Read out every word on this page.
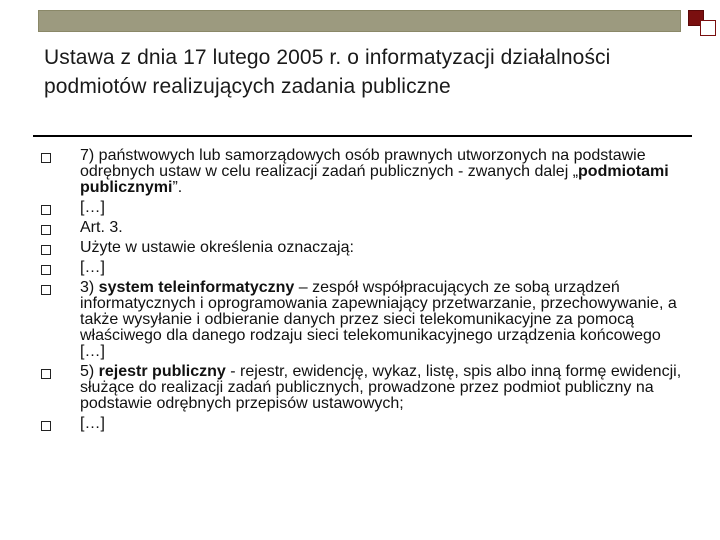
Ustawa z dnia 17 lutego 2005 r. o informatyzacji działalności podmiotów realizujących zadania publiczne
7) państwowych lub samorządowych osób prawnych utworzonych na podstawie odrębnych ustaw w celu realizacji zadań publicznych - zwanych dalej „podmiotami publicznymi”.
[…]
Art. 3.
Użyte w ustawie określenia oznaczają:
[…]
3) system teleinformatyczny – zespół współpracujących ze sobą urządzeń informatycznych i oprogramowania zapewniający przetwarzanie, przechowywanie, a także wysyłanie i odbieranie danych przez sieci telekomunikacyjne za pomocą właściwego dla danego rodzaju sieci telekomunikacyjnego urządzenia końcowego […]
5) rejestr publiczny - rejestr, ewidencję, wykaz, listę, spis albo inną formę ewidencji, służące do realizacji zadań publicznych, prowadzone przez podmiot publiczny na podstawie odrębnych przepisów ustawowych;
[…]
